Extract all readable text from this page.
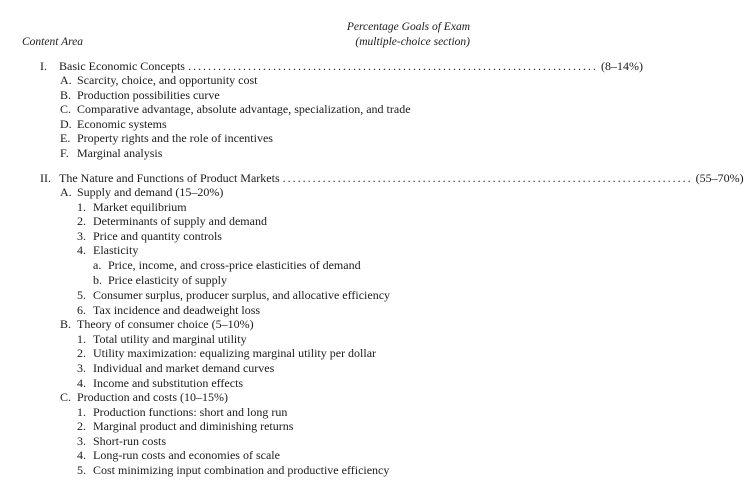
Content Area
Percentage Goals of Exam
(multiple-choice section)
I. Basic Economic Concepts .................................................................................. (8–14%)
A. Scarcity, choice, and opportunity cost
B. Production possibilities curve
C. Comparative advantage, absolute advantage, specialization, and trade
D. Economic systems
E. Property rights and the role of incentives
F. Marginal analysis
II. The Nature and Functions of Product Markets .................................................................................. (55–70%)
A. Supply and demand (15–20%)
1. Market equilibrium
2. Determinants of supply and demand
3. Price and quantity controls
4. Elasticity
a. Price, income, and cross-price elasticities of demand
b. Price elasticity of supply
5. Consumer surplus, producer surplus, and allocative efficiency
6. Tax incidence and deadweight loss
B. Theory of consumer choice (5–10%)
1. Total utility and marginal utility
2. Utility maximization: equalizing marginal utility per dollar
3. Individual and market demand curves
4. Income and substitution effects
C. Production and costs (10–15%)
1. Production functions: short and long run
2. Marginal product and diminishing returns
3. Short-run costs
4. Long-run costs and economies of scale
5. Cost minimizing input combination and productive efficiency
